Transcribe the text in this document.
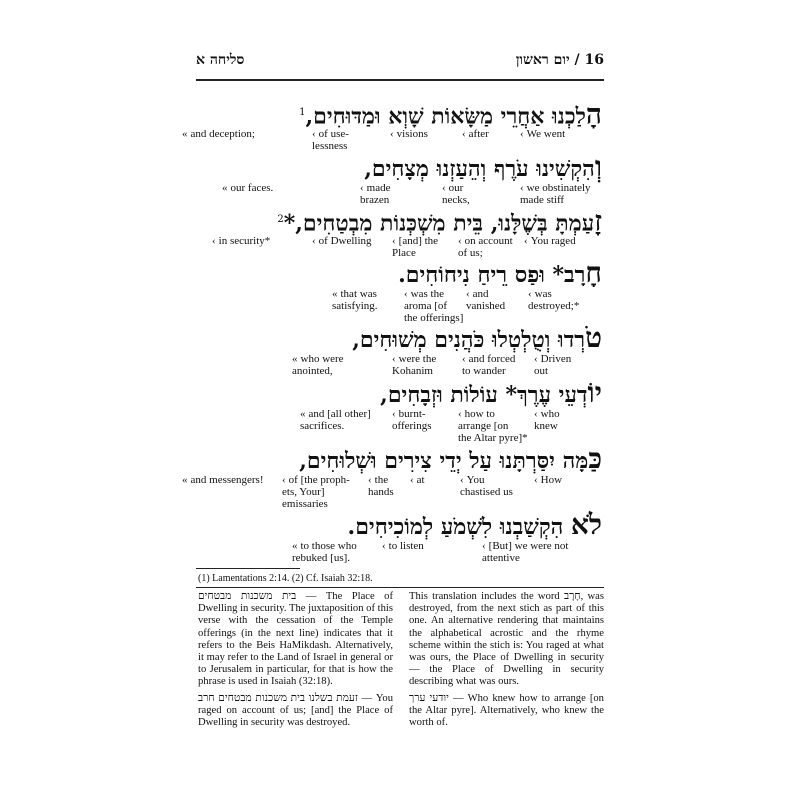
16 / יום ראשון
סליחה א
הָלַכְנוּ אַחֲרֵי מַשָּׂאוֹת שָׁוְא וּמַדּוּחִים,$^1$
‹ We went
‹ after
‹ visions
‹ of use-
lessness
« and deception;
וְהִקְשִׁינוּ עֹרֶף וְהֵעַזְנוּ מְצָחִים,
‹ we obstinately
made stiff
‹ our
necks,
‹ made
brazen
« our faces.
זָעַמְתָּ בְּשֶׁלָּנוּ, בֵּית מִשְׁכְּנוֹת מִבְטַחִים,*$^2$
‹ You raged
‹ on account
of us;
‹ [and] the
Place
‹ of Dwelling
‹ in security*
חָרָב* וּפַס רֵיחַ נִיחוֹחִים.
‹ was
destroyed;*
‹ and
vanished
‹ was the
aroma [of
the offerings]
« that was
satisfying.
טֹרְדוּ וְטֻלְטְלוּ כֹּהֲנִים מְשׁוּחִים,
‹ Driven
out
‹ and forced
to wander
‹ were the
Kohanim
« who were
anointed,
יוֹדְעֵי עֶרֶךְ* עוֹלוֹת וּזְבָחִים,
‹ who
knew
‹ how to
arrange [on
the Altar pyre]*
‹ burnt-
offerings
« and [all other]
sacrifices.
כַּמָּה יִסַּרְתָּנוּ עַל יְדֵי צִירִים וּשְׁלוּחִים,
‹ How
‹ You
chastised us
‹ at
‹ the
hands
‹ of [the proph-
ets, Your]
emissaries
« and messengers!
לֹא הִקְשַׁבְנוּ לִשְׁמֹעַ לְמוֹכִיחִים.
‹ [But] we were not
attentive
‹ to listen
« to those who
rebuked [us].
(1) Lamentations 2:14. (2) Cf. Isaiah 32:18.

בית משכנות מבטחים — The Place of Dwelling in security. The juxtaposition of this verse with the cessation of the Temple offerings (in the next line) indicates that it refers to the Beis HaMikdash. Alternatively, it may refer to the Land of Israel in general or to Jerusalem in particular, for that is how the phrase is used in Isaiah (32:18).

זעמת בשלנו בית משכנות מבטחים חרב — You raged on account of us; [and] the Place of Dwelling in security was destroyed.

This translation includes the word חָרָב, was destroyed, from the next stich as part of this one. An alternative rendering that maintains the alphabetical acrostic and the rhyme scheme within the stich is: You raged at what was ours, the Place of Dwelling in security — the Place of Dwelling in security describing what was ours.

יודעי ערך — Who knew how to arrange [on the Altar pyre]. Alternatively, who knew the worth of.
